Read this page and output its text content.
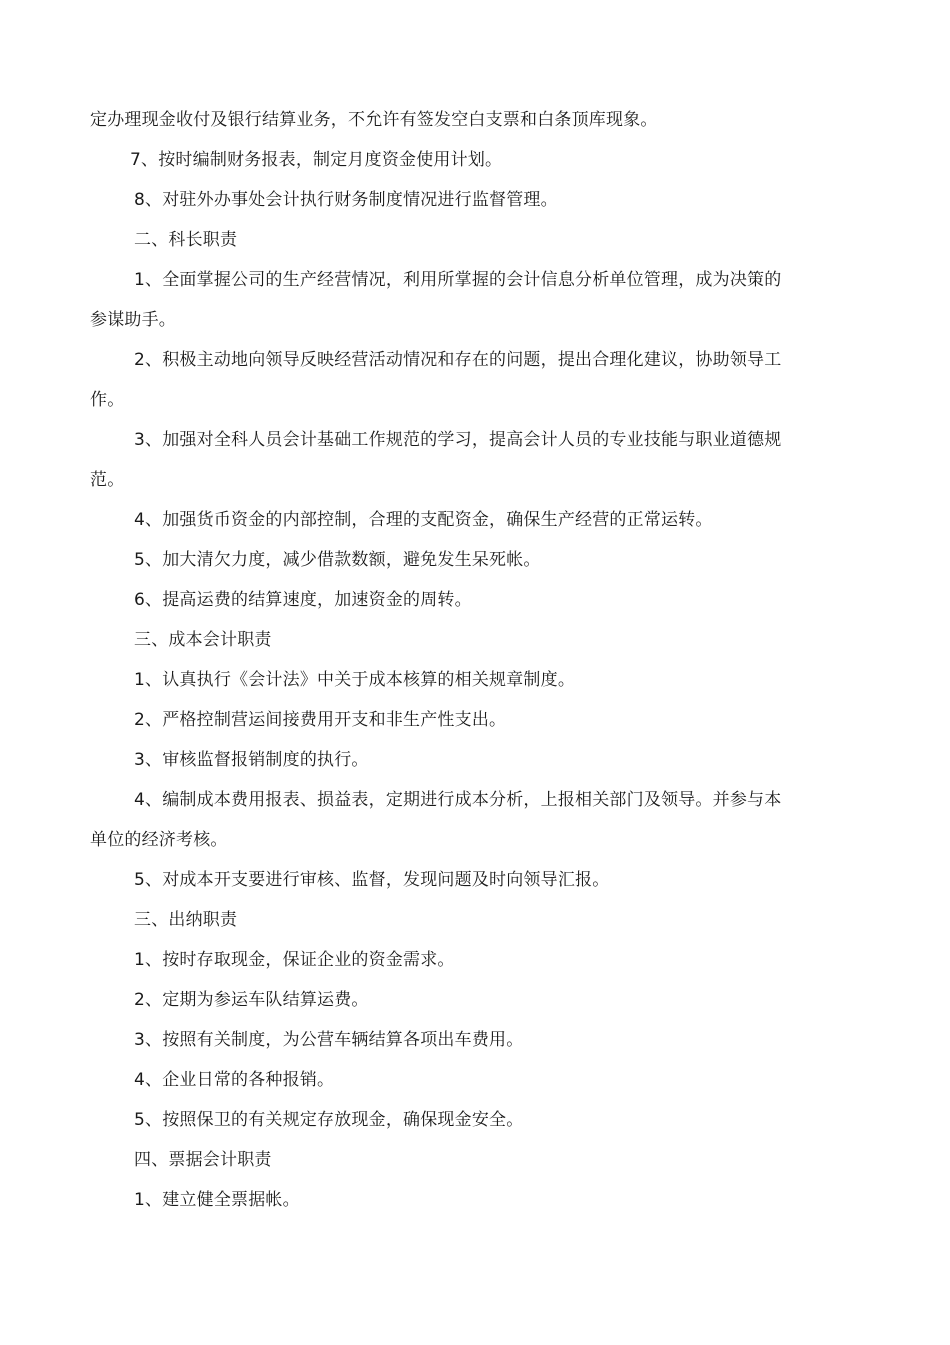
定办理现金收付及银行结算业务，不允许有签发空白支票和白条顶库现象。
7、按时编制财务报表，制定月度资金使用计划。
8、对驻外办事处会计执行财务制度情况进行监督管理。
二、科长职责
1、全面掌握公司的生产经营情况，利用所掌握的会计信息分析单位管理，成为决策的
参谋助手。
2、积极主动地向领导反映经营活动情况和存在的问题，提出合理化建议，协助领导工
作。
3、加强对全科人员会计基础工作规范的学习，提高会计人员的专业技能与职业道德规
范。
4、加强货币资金的内部控制，合理的支配资金，确保生产经营的正常运转。
5、加大清欠力度，减少借款数额，避免发生呆死帐。
6、提高运费的结算速度，加速资金的周转。
三、成本会计职责
1、认真执行《会计法》中关于成本核算的相关规章制度。
2、严格控制营运间接费用开支和非生产性支出。
3、审核监督报销制度的执行。
4、编制成本费用报表、损益表，定期进行成本分析，上报相关部门及领导。并参与本
单位的经济考核。
5、对成本开支要进行审核、监督，发现问题及时向领导汇报。
三、出纳职责
1、按时存取现金，保证企业的资金需求。
2、定期为参运车队结算运费。
3、按照有关制度，为公营车辆结算各项出车费用。
4、企业日常的各种报销。
5、按照保卫的有关规定存放现金，确保现金安全。
四、票据会计职责
1、建立健全票据帐。
